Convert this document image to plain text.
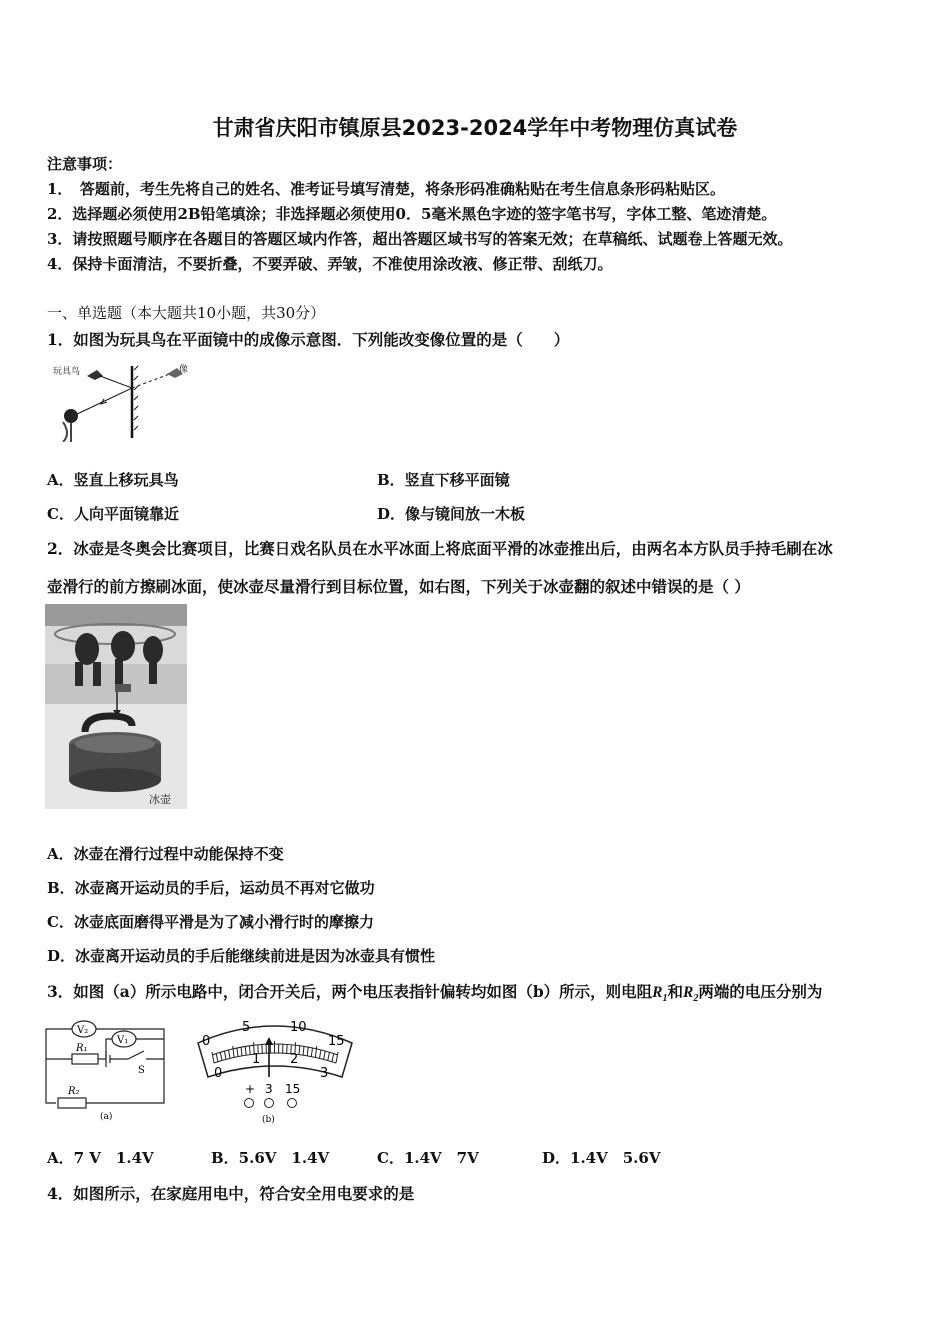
甘肃省庆阳市镇原县2023-2024学年中考物理仿真试卷
注意事项：
1．　答题前，考生先将自己的姓名、准考证号填写清楚，将条形码准确粘贴在考生信息条形码粘贴区。
2．选择题必须使用2B铅笔填涂；非选择题必须使用0．5毫米黑色字迹的签字笔书写，字体工整、笔迹清楚。
3．请按照题号顺序在各题目的答题区域内作答，超出答题区域书写的答案无效；在草稿纸、试题卷上答题无效。
4．保持卡面清洁，不要折叠，不要弄破、弄皱，不准使用涂改液、修正带、刮纸刀。
一、单选题（本大题共10小题，共30分）
1．如图为玩具鸟在平面镜中的成像示意图．下列能改变像位置的是（　　）
玩具鸟	像
A．竖直上移玩具鸟	B．竖直下移平面镜
C．人向平面镜靠近	D．像与镜间放一木板
2．冰壶是冬奥会比赛项目，比赛日戏名队员在水平冰面上将底面平滑的冰壶推出后，由两名本方队员手持毛刷在冰
壶滑行的前方擦刷冰面，使冰壶尽量滑行到目标位置，如右图，下列关于冰壶翻的叙述中错误的是（ ）
冰壶
A．冰壶在滑行过程中动能保持不变
B．冰壶离开运动员的手后，运动员不再对它做功
C．冰壶底面磨得平滑是为了减小滑行时的摩擦力
D．冰壶离开运动员的手后能继续前进是因为冰壶具有惯性
3．如图（a）所示电路中，闭合开关后，两个电压表指针偏转均如图（b）所示，则电阻$R_1$和$R_2$两端的电压分别为
V₂
V₁
R₁
S
R₂
(a)
0
5	10
15
0
1 2
3
+ 3 15
(b)
A．7 V　1.4V	B．5.6V　1.4V	C．1.4V　7V	D．1.4V　5.6V
4．如图所示，在家庭用电中，符合安全用电要求的是
